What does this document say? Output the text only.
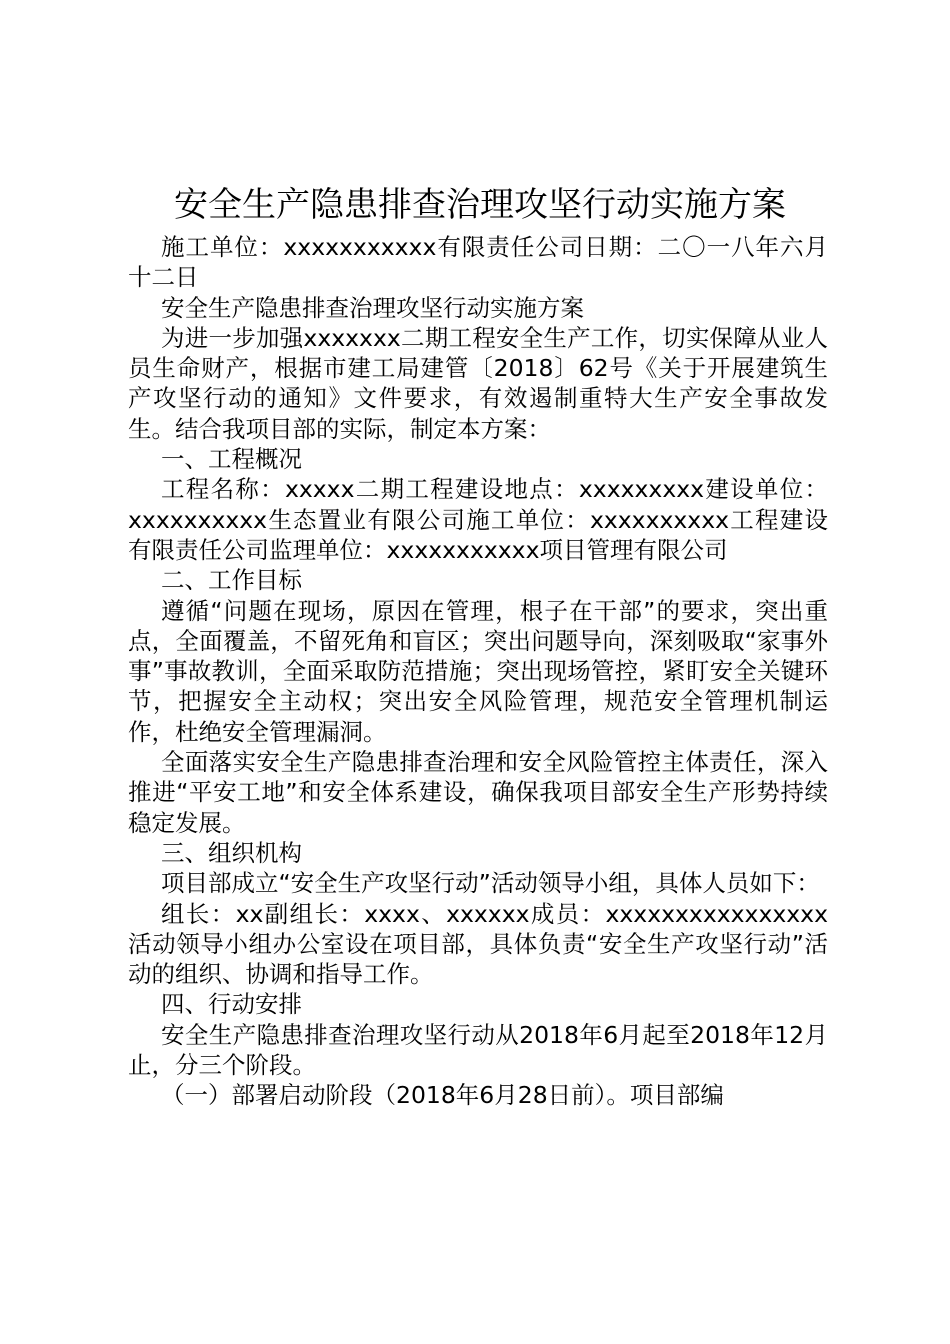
安全生产隐患排查治理攻坚行动实施方案

施工单位：xxxxxxxxxxx有限责任公司日期：二〇一八年六月十二日

安全生产隐患排查治理攻坚行动实施方案

为进一步加强xxxxxxx二期工程安全生产工作，切实保障从业人员生命财产，根据市建工局建管〔2018〕62号《关于开展建筑生产攻坚行动的通知》文件要求，有效遏制重特大生产安全事故发生。结合我项目部的实际，制定本方案：

一、工程概况

工程名称：xxxxx二期工程建设地点：xxxxxxxxx建设单位：xxxxxxxxxx生态置业有限公司施工单位：xxxxxxxxxx工程建设有限责任公司监理单位：xxxxxxxxxxx项目管理有限公司

二、工作目标

遵循“问题在现场，原因在管理，根子在干部”的要求，突出重点，全面覆盖，不留死角和盲区；突出问题导向，深刻吸取“家事外事”事故教训，全面采取防范措施；突出现场管控，紧盯安全关键环节，把握安全主动权；突出安全风险管理，规范安全管理机制运作，杜绝安全管理漏洞。

全面落实安全生产隐患排查治理和安全风险管控主体责任，深入推进“平安工地”和安全体系建设，确保我项目部安全生产形势持续稳定发展。

三、组织机构

项目部成立“安全生产攻坚行动”活动领导小组，具体人员如下：

组长：xx副组长：xxxx、xxxxxx成员：xxxxxxxxxxxxxxxx活动领导小组办公室设在项目部，具体负责“安全生产攻坚行动”活动的组织、协调和指导工作。

四、行动安排

安全生产隐患排查治理攻坚行动从2018年6月起至2018年12月止，分三个阶段。

（一）部署启动阶段（2018年6月28日前）。项目部编
